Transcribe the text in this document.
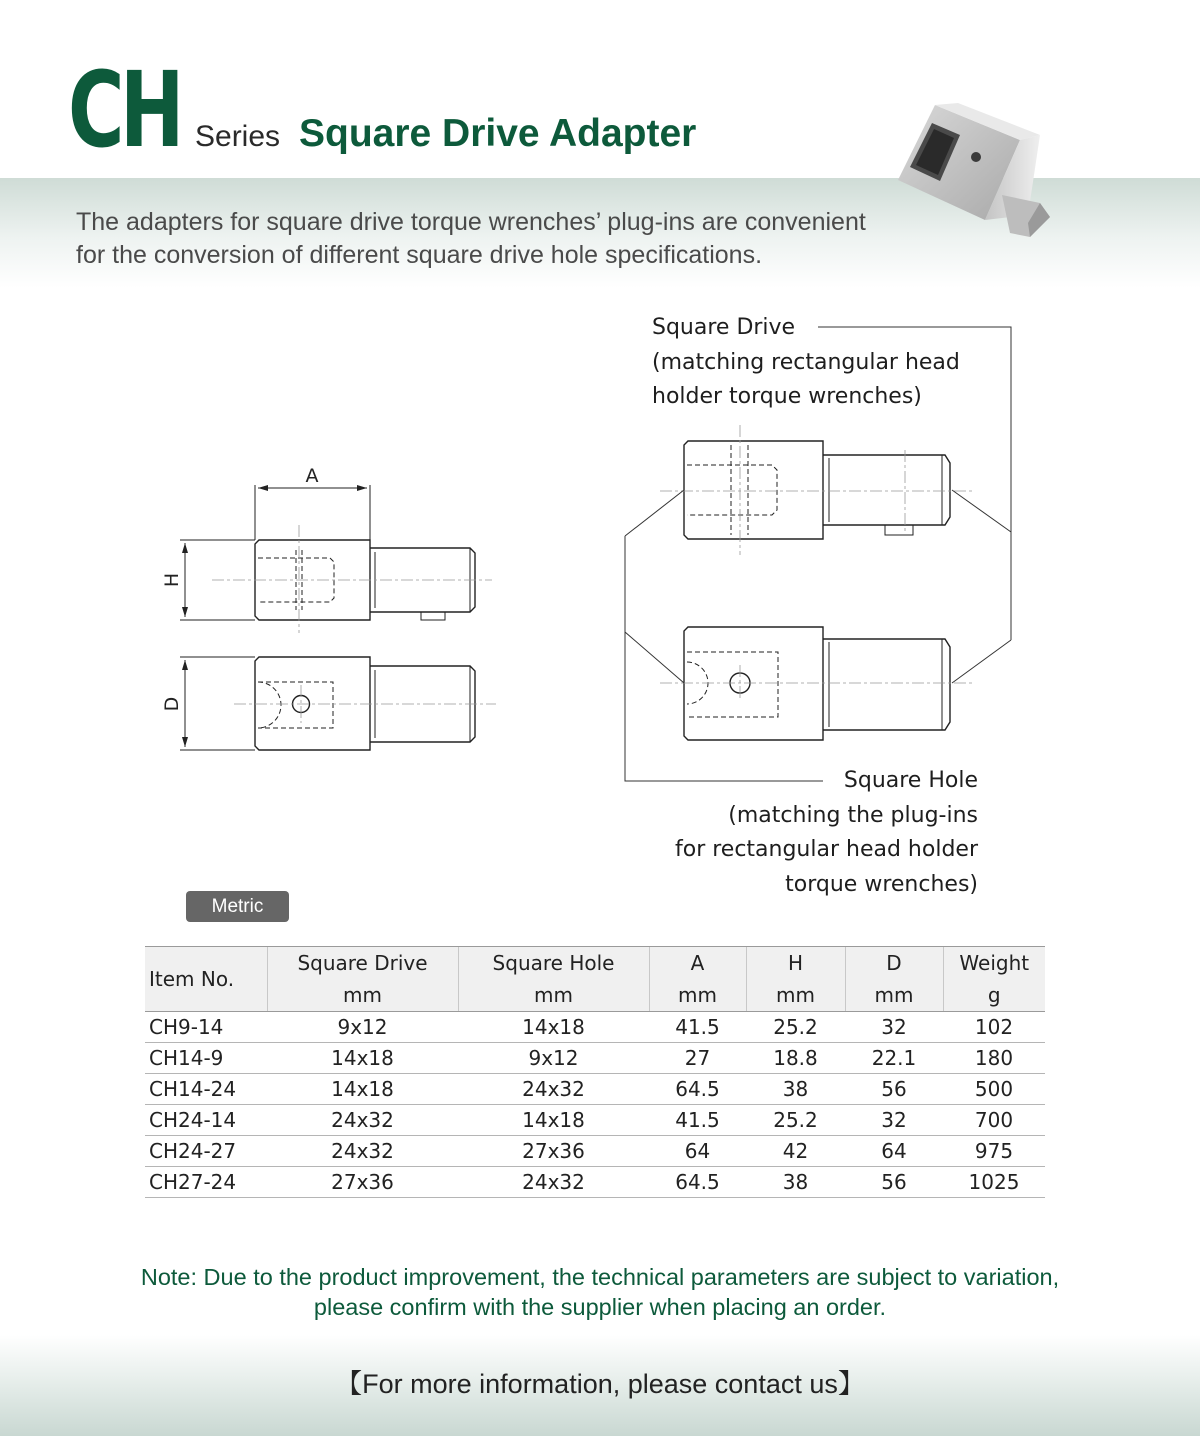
CH Series Square Drive Adapter
The adapters for square drive torque wrenches’ plug-ins are convenient
for the conversion of different square drive hole specifications.
A
H
D
Square Drive
(matching rectangular head
holder torque wrenches)
Square Hole
(matching the plug-ins
for rectangular head holder
torque wrenches)
Metric
Item No.	Square Drive	Square Hole	A	H	D	Weight
	mm	mm	mm	mm	mm	g
CH9-14	9x12	14x18	41.5	25.2	32	102
CH14-9	14x18	9x12	27	18.8	22.1	180
CH14-24	14x18	24x32	64.5	38	56	500
CH24-14	24x32	14x18	41.5	25.2	32	700
CH24-27	24x32	27x36	64	42	64	975
CH27-24	27x36	24x32	64.5	38	56	1025
Note: Due to the product improvement, the technical parameters are subject to variation,
please confirm with the supplier when placing an order.
【For more information, please contact us】
